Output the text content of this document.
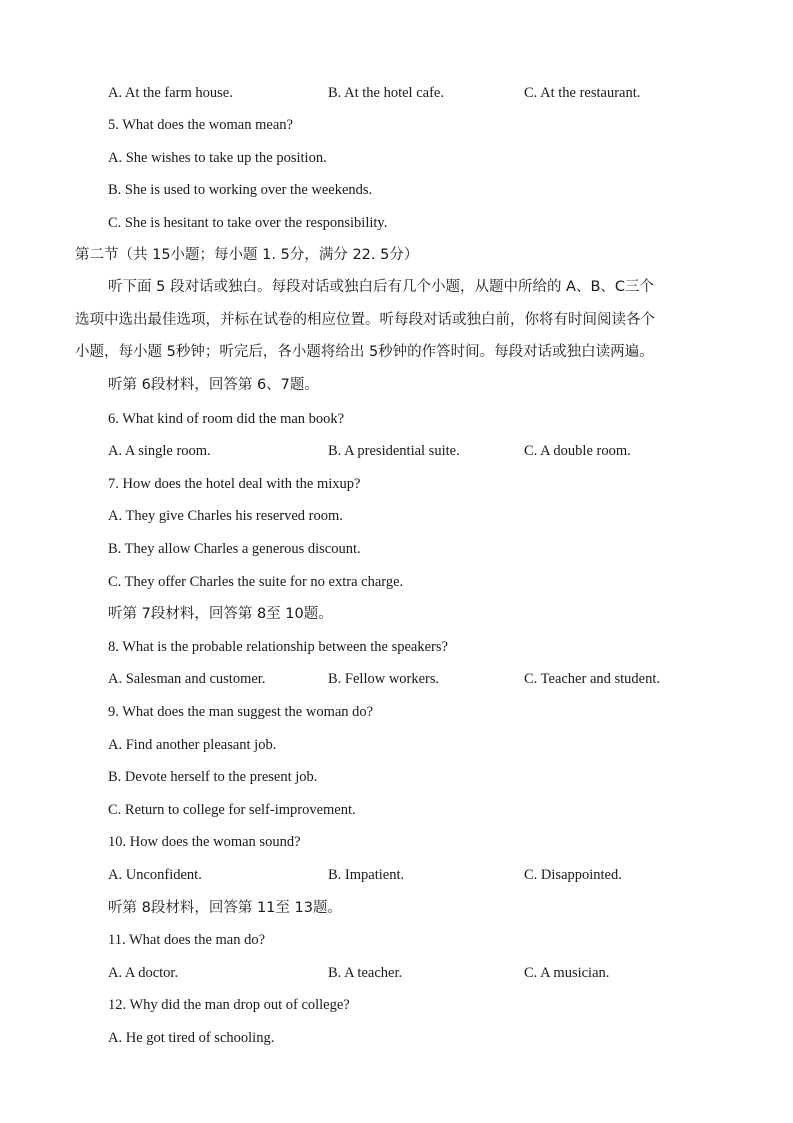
A. At the farm house.	B. At the hotel cafe.	C. At the restaurant.
5. What does the woman mean?
A. She wishes to take up the position.
B. She is used to working over the weekends.
C. She is hesitant to take over the responsibility.
第二节（共 15小题；每小题 1. 5分，满分 22. 5分）
听下面 5 段对话或独白。每段对话或独白后有几个小题，从题中所给的 A、B、C三个
选项中选出最佳选项，并标在试卷的相应位置。听每段对话或独白前，你将有时间阅读各个
小题，每小题 5秒钟；听完后，各小题将给出 5秒钟的作答时间。每段对话或独白读两遍。
听第 6段材料，回答第 6、7题。
6. What kind of room did the man book?
A. A single room.	B. A presidential suite.	C. A double room.
7. How does the hotel deal with the mixup?
A. They give Charles his reserved room.
B. They allow Charles a generous discount.
C. They offer Charles the suite for no extra charge.
听第 7段材料，回答第 8至 10题。
8. What is the probable relationship between the speakers?
A. Salesman and customer.	B. Fellow workers.	C. Teacher and student.
9. What does the man suggest the woman do?
A. Find another pleasant job.
B. Devote herself to the present job.
C. Return to college for self-improvement.
10. How does the woman sound?
A. Unconfident.	B. Impatient.	C. Disappointed.
听第 8段材料，回答第 11至 13题。
11. What does the man do?
A. A doctor.	B. A teacher.	C. A musician.
12. Why did the man drop out of college?
A. He got tired of schooling.
